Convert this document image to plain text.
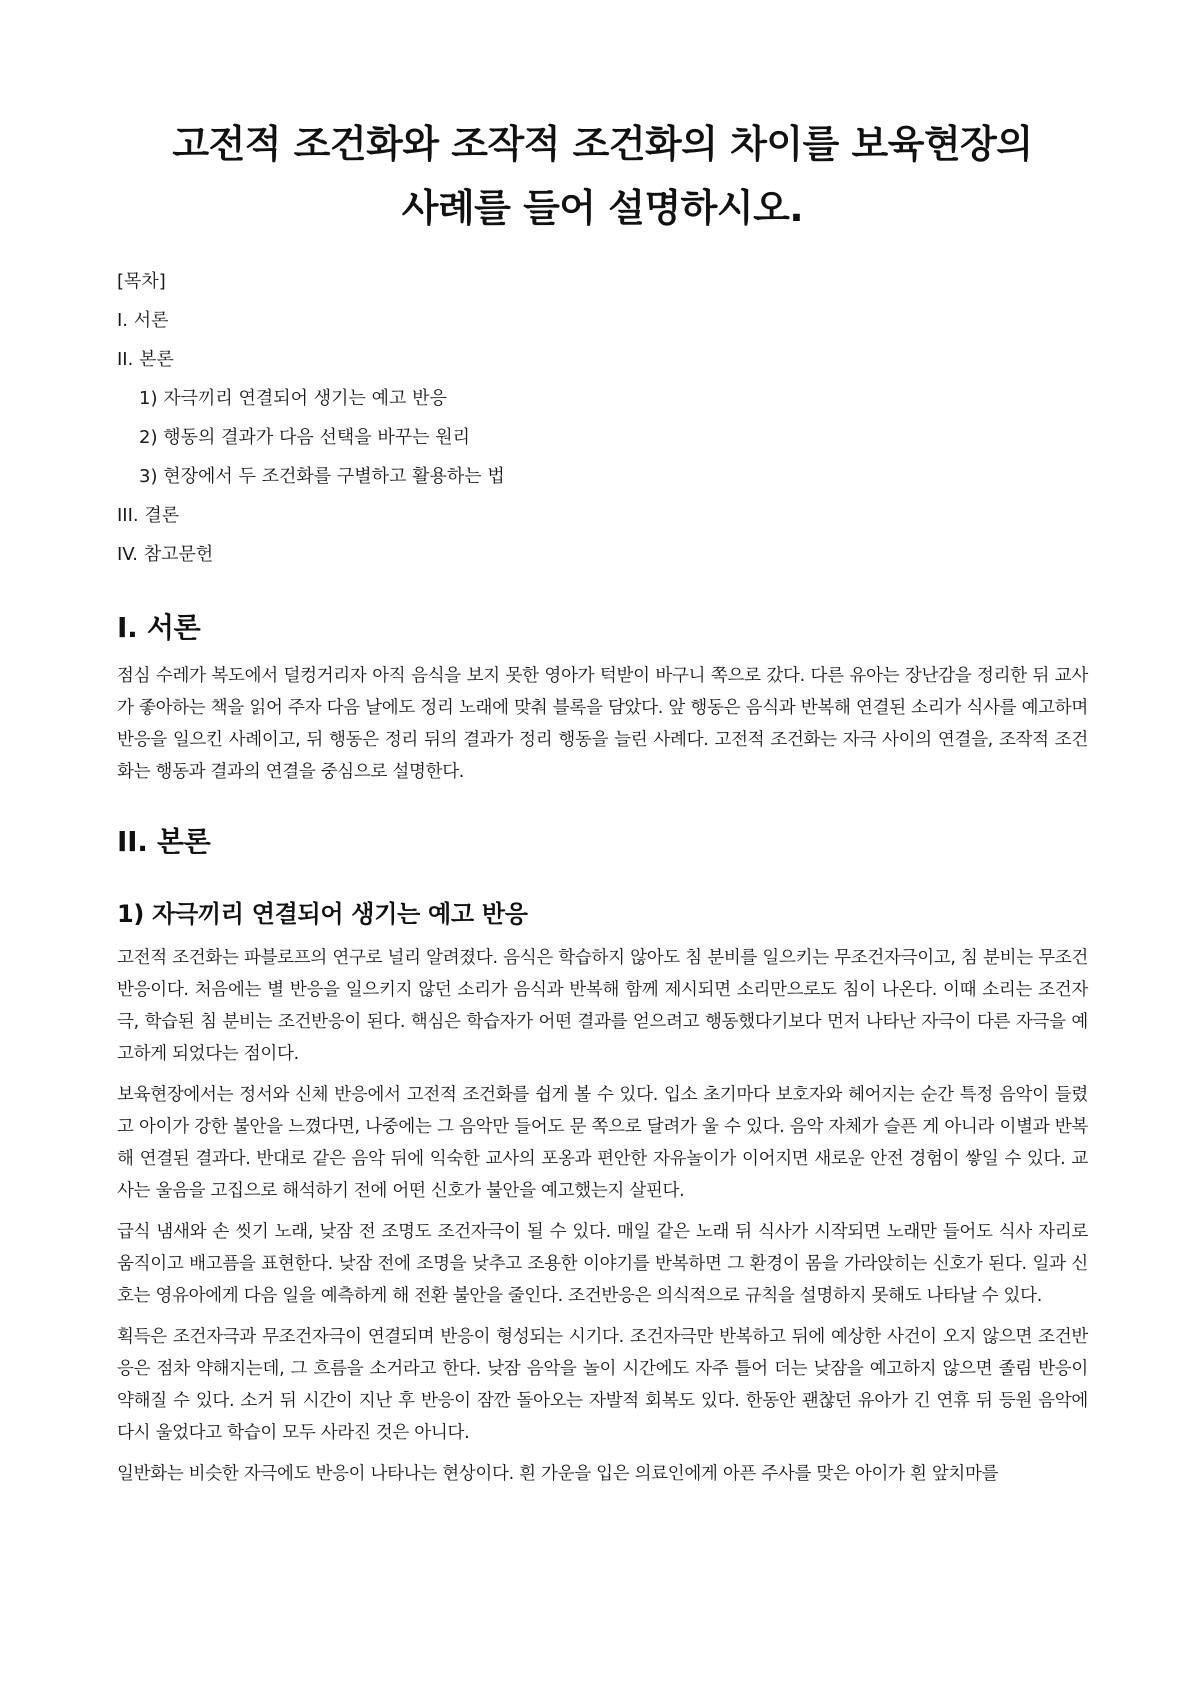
고전적 조건화와 조작적 조건화의 차이를 보육현장의 사례를 들어 설명하시오.
[목차]
I. 서론
II. 본론
1) 자극끼리 연결되어 생기는 예고 반응
2) 행동의 결과가 다음 선택을 바꾸는 원리
3) 현장에서 두 조건화를 구별하고 활용하는 법
III. 결론
IV. 참고문헌
I. 서론

점심 수레가 복도에서 덜컹거리자 아직 음식을 보지 못한 영아가 턱받이 바구니 쪽으로 갔다. 다른 유아는 장난감을 정리한 뒤 교사가 좋아하는 책을 읽어 주자 다음 날에도 정리 노래에 맞춰 블록을 담았다. 앞 행동은 음식과 반복해 연결된 소리가 식사를 예고하며 반응을 일으킨 사례이고, 뒤 행동은 정리 뒤의 결과가 정리 행동을 늘린 사례다. 고전적 조건화는 자극 사이의 연결을, 조작적 조건화는 행동과 결과의 연결을 중심으로 설명한다.

II. 본론
1) 자극끼리 연결되어 생기는 예고 반응

고전적 조건화는 파블로프의 연구로 널리 알려졌다. 음식은 학습하지 않아도 침 분비를 일으키는 무조건자극이고, 침 분비는 무조건반응이다. 처음에는 별 반응을 일으키지 않던 소리가 음식과 반복해 함께 제시되면 소리만으로도 침이 나온다. 이때 소리는 조건자극, 학습된 침 분비는 조건반응이 된다. 핵심은 학습자가 어떤 결과를 얻으려고 행동했다기보다 먼저 나타난 자극이 다른 자극을 예고하게 되었다는 점이다.

보육현장에서는 정서와 신체 반응에서 고전적 조건화를 쉽게 볼 수 있다. 입소 초기마다 보호자와 헤어지는 순간 특정 음악이 들렸고 아이가 강한 불안을 느꼈다면, 나중에는 그 음악만 들어도 문 쪽으로 달려가 울 수 있다. 음악 자체가 슬픈 게 아니라 이별과 반복해 연결된 결과다. 반대로 같은 음악 뒤에 익숙한 교사의 포옹과 편안한 자유놀이가 이어지면 새로운 안전 경험이 쌓일 수 있다. 교사는 울음을 고집으로 해석하기 전에 어떤 신호가 불안을 예고했는지 살핀다.

급식 냄새와 손 씻기 노래, 낮잠 전 조명도 조건자극이 될 수 있다. 매일 같은 노래 뒤 식사가 시작되면 노래만 들어도 식사 자리로 움직이고 배고픔을 표현한다. 낮잠 전에 조명을 낮추고 조용한 이야기를 반복하면 그 환경이 몸을 가라앉히는 신호가 된다. 일과 신호는 영유아에게 다음 일을 예측하게 해 전환 불안을 줄인다. 조건반응은 의식적으로 규칙을 설명하지 못해도 나타날 수 있다.

획득은 조건자극과 무조건자극이 연결되며 반응이 형성되는 시기다. 조건자극만 반복하고 뒤에 예상한 사건이 오지 않으면 조건반응은 점차 약해지는데, 그 흐름을 소거라고 한다. 낮잠 음악을 놀이 시간에도 자주 틀어 더는 낮잠을 예고하지 않으면 졸림 반응이 약해질 수 있다. 소거 뒤 시간이 지난 후 반응이 잠깐 돌아오는 자발적 회복도 있다. 한동안 괜찮던 유아가 긴 연휴 뒤 등원 음악에 다시 울었다고 학습이 모두 사라진 것은 아니다.

일반화는 비슷한 자극에도 반응이 나타나는 현상이다. 흰 가운을 입은 의료인에게 아픈 주사를 맞은 아이가 흰 앞치마를
